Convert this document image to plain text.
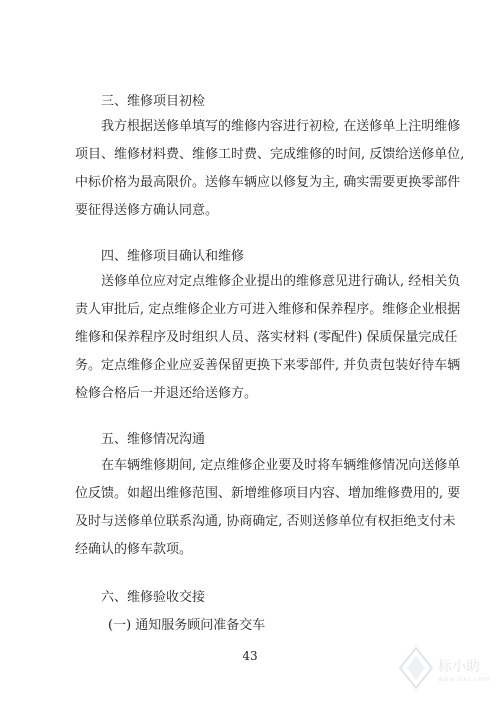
三、维修项目初检
我方根据送修单填写的维修内容进行初检, 在送修单上注明维修
项目、维修材料费、维修工时费、完成维修的时间, 反馈给送修单位,
中标价格为最高限价。送修车辆应以修复为主, 确实需要更换零部件
要征得送修方确认同意。
四、维修项目确认和维修
送修单位应对定点维修企业提出的维修意见进行确认, 经相关负
责人审批后, 定点维修企业方可进入维修和保养程序。维修企业根据
维修和保养程序及时组织人员、落实材料 (零配件) 保质保量完成任
务。定点维修企业应妥善保留更换下来零部件, 并负责包装好待车辆
检修合格后一并退还给送修方。
五、维修情况沟通
在车辆维修期间, 定点维修企业要及时将车辆维修情况向送修单
位反馈。如超出维修范围、新增维修项目内容、增加维修费用的, 要
及时与送修单位联系沟通, 协商确定, 否则送修单位有权拒绝支付未
经确认的修车款项。
六、维修验收交接
(一) 通知服务顾问准备交车
43
标小助
www.bxz.com
